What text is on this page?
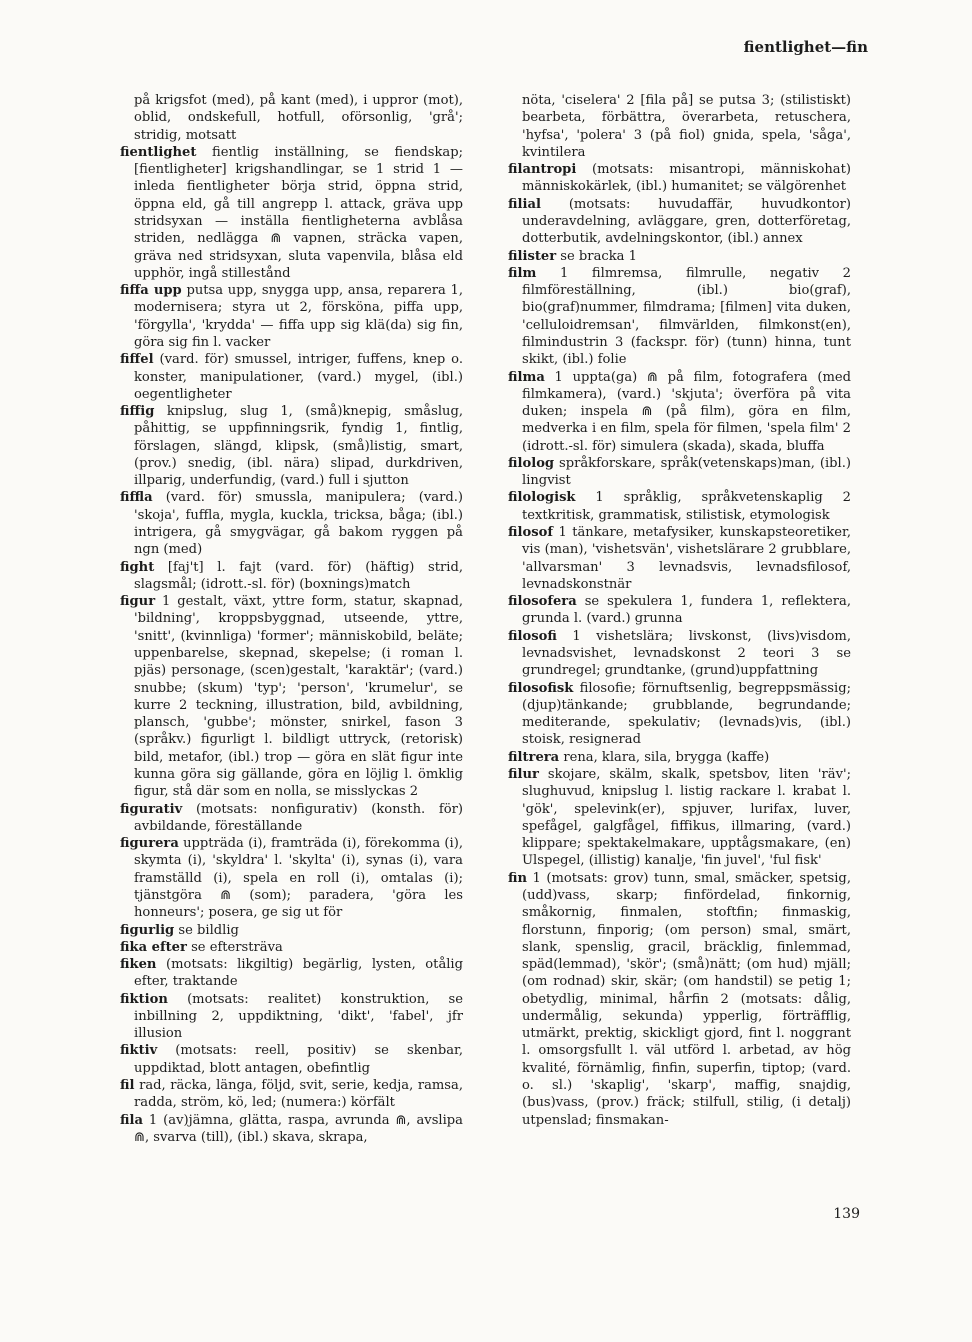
fientlighet—fin

på krigsfot (med), på kant (med), i uppror (mot), oblid, ondskefull, hotfull, oförsonlig, 'grå'; stridig, motsatt

fientlighet fientlig inställning, se fiendskap; [fientligheter] krigshandlingar, se 1 strid 1 — inleda fientligheter börja strid, öppna strid, öppna eld, gå till angrepp l. attack, gräva upp stridsyxan — inställa fientligheterna avblåsa striden, nedlägga ⋒ vapnen, sträcka vapen, gräva ned stridsyxan, sluta vapenvila, blåsa eld upphör, ingå stillestånd

fiffa upp putsa upp, snygga upp, ansa, reparera 1, modernisera; styra ut 2, försköna, piffa upp, 'förgylla', 'krydda' — fiffa upp sig klä(da) sig fin, göra sig fin l. vacker

fiffel (vard. för) smussel, intriger, fuffens, knep o. konster, manipulationer, (vard.) mygel, (ibl.) oegentligheter

fiffig knipslug, slug 1, (små)knepig, småslug, påhittig, se uppfinningsrik, fyndig 1, fintlig, förslagen, slängd, klipsk, (små)listig, smart, (prov.) snedig, (ibl. nära) slipad, durkdriven, illparig, underfundig, (vard.) full i sjutton

fiffla (vard. för) smussla, manipulera; (vard.) 'skoja', fuffla, mygla, kuckla, tricksa, båga; (ibl.) intrigera, gå smygvägar, gå bakom ryggen på ngn (med)

fight [faj't] l. fajt (vard. för) (häftig) strid, slagsmål; (idrott.-sl. för) (boxnings)match

figur 1 gestalt, växt, yttre form, statur, skapnad, 'bildning', kroppsbyggnad, utseende, yttre, 'snitt', (kvinnliga) 'former'; människobild, beläte; uppenbarelse, skepnad, skepelse; (i roman l. pjäs) personage, (scen)gestalt, 'karaktär'; (vard.) snubbe; (skum) 'typ'; 'person', 'krumelur', se kurre 2 teckning, illustration, bild, avbildning, plansch, 'gubbe'; mönster, snirkel, fason 3 (språkv.) figurligt l. bildligt uttryck, (retorisk) bild, metafor, (ibl.) trop — göra en slät figur inte kunna göra sig gällande, göra en löjlig l. ömklig figur, stå där som en nolla, se misslyckas 2

figurativ (motsats: nonfigurativ) (konsth. för) avbildande, föreställande

figurera uppträda (i), framträda (i), förekomma (i), skymta (i), 'skyldra' l. 'skylta' (i), synas (i), vara framställd (i), spela en roll (i), omtalas (i); tjänstgöra ⋒ (som); paradera, 'göra les honneurs'; posera, ge sig ut för

figurlig se bildlig

fika efter se eftersträva

fiken (motsats: likgiltig) begärlig, lysten, otålig efter, traktande

fiktion (motsats: realitet) konstruktion, se inbillning 2, uppdiktning, 'dikt', 'fabel', jfr illusion

fiktiv (motsats: reell, positiv) se skenbar, uppdiktad, blott antagen, obefintlig

fil rad, räcka, länga, följd, svit, serie, kedja, ramsa, radda, ström, kö, led; (numera:) körfält

fila 1 (av)jämna, glätta, raspa, avrunda ⋒, avslipa ⋒, svarva (till), (ibl.) skava, skrapa,

nöta, 'ciselera' 2 [fila på] se putsa 3; (stilistiskt) bearbeta, förbättra, överarbeta, retuschera, 'hyfsa', 'polera' 3 (på fiol) gnida, spela, 'såga', kvintilera

filantropi (motsats: misantropi, människohat) människokärlek, (ibl.) humanitet; se välgörenhet

filial (motsats: huvudaffär, huvudkontor) underavdelning, avläggare, gren, dotterföretag, dotterbutik, avdelningskontor, (ibl.) annex

filister se bracka 1

film 1 filmremsa, filmrulle, negativ 2 filmföreställning, (ibl.) bio(graf), bio(graf)nummer, filmdrama; [filmen] vita duken, 'celluloidremsan', filmvärlden, filmkonst(en), filmindustrin 3 (fackspr. för) (tunn) hinna, tunt skikt, (ibl.) folie

filma 1 uppta(ga) ⋒ på film, fotografera (med filmkamera), (vard.) 'skjuta'; överföra på vita duken; inspela ⋒ (på film), göra en film, medverka i en film, spela för filmen, 'spela film' 2 (idrott.-sl. för) simulera (skada), skada, bluffa

filolog språkforskare, språk(vetenskaps)man, (ibl.) lingvist

filologisk 1 språklig, språkvetenskaplig 2 textkritisk, grammatisk, stilistisk, etymologisk

filosof 1 tänkare, metafysiker, kunskapsteoretiker, vis (man), 'vishetsvän', vishetslärare 2 grubblare, 'allvarsman' 3 levnadsvis, levnadsfilosof, levnadskonstnär

filosofera se spekulera 1, fundera 1, reflektera, grunda l. (vard.) grunna

filosofi 1 vishetslära; livskonst, (livs)visdom, levnadsvishet, levnadskonst 2 teori 3 se grundregel; grundtanke, (grund)uppfattning

filosofisk filosofie; förnuftsenlig, begreppsmässig; (djup)tänkande; grubblande, begrundande; mediterande, spekulativ; (levnads)vis, (ibl.) stoisk, resignerad

filtrera rena, klara, sila, brygga (kaffe)

filur skojare, skälm, skalk, spetsbov, liten 'räv'; slughuvud, knipslug l. listig rackare l. krabat l. 'gök', spelevink(er), spjuver, lurifax, luver, spefågel, galgfågel, fiffikus, illmaring, (vard.) klippare; spektakelmakare, upptågsmakare, (en) Ulspegel, (illistig) kanalje, 'fin juvel', 'ful fisk'

fin 1 (motsats: grov) tunn, smal, smäcker, spetsig, (udd)vass, skarp; finfördelad, finkornig, småkornig, finmalen, stoftfin; finmaskig, florstunn, finporig; (om person) smal, smärt, slank, spenslig, gracil, bräcklig, finlemmad, späd(lemmad), 'skör'; (små)nätt; (om hud) mjäll; (om rodnad) skir, skär; (om handstil) se petig 1; obetydlig, minimal, hårfin 2 (motsats: dålig, undermålig, sekunda) ypperlig, förträfflig, utmärkt, prektig, skickligt gjord, fint l. noggrant l. omsorgsfullt l. väl utförd l. arbetad, av hög kvalité, förnämlig, finfin, superfin, tiptop; (vard. o. sl.) 'skaplig', 'skarp', maffig, snajdig, (bus)vass, (prov.) fräck; stilfull, stilig, (i detalj) utpenslad; finsmakan-

139
